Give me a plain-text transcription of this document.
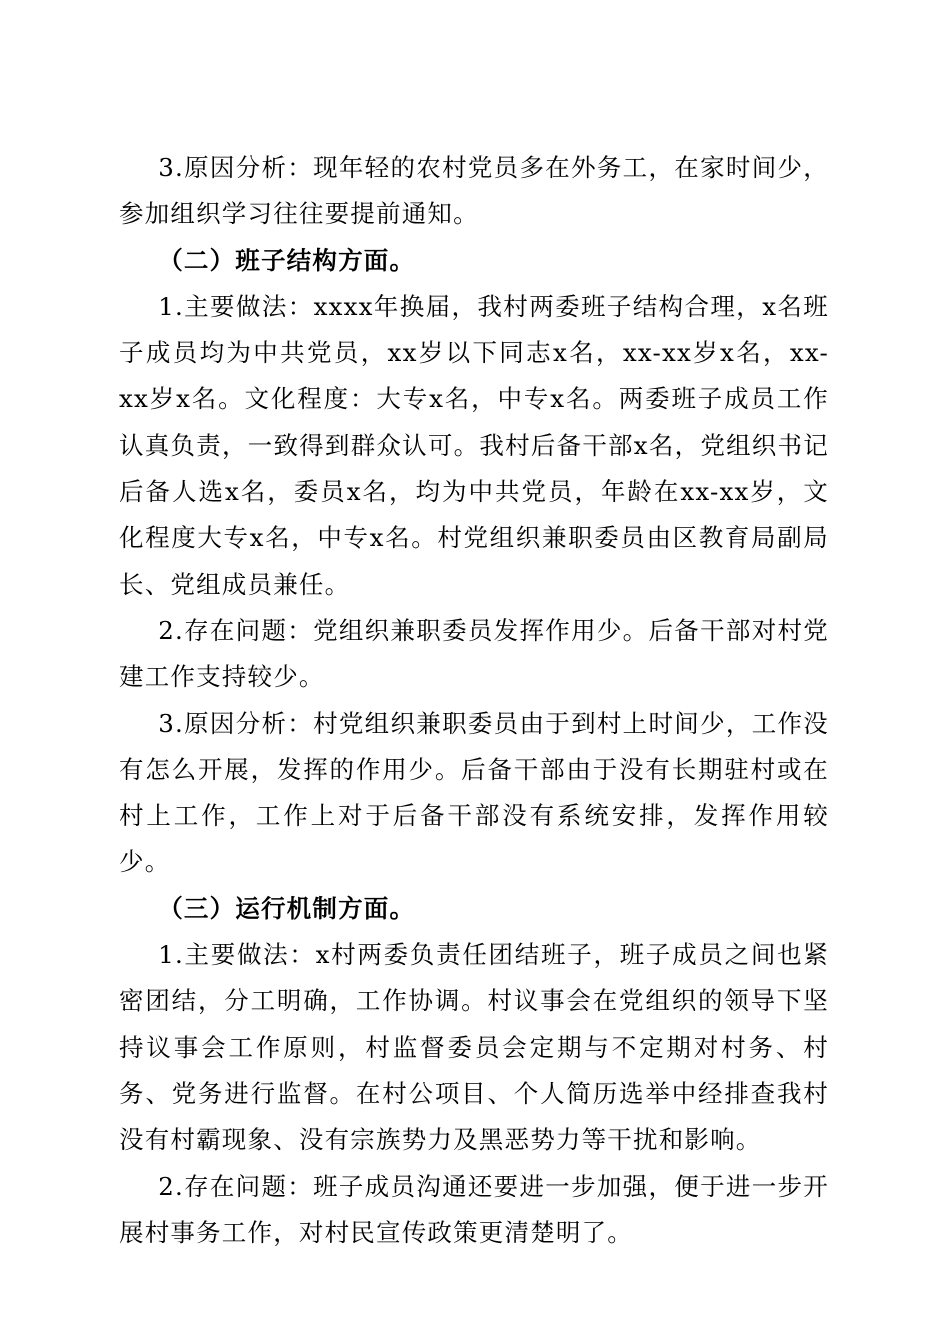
3.原因分析：现年轻的农村党员多在外务工，在家时间少，参加组织学习往往要提前通知。

（二）班子结构方面。

1.主要做法：xxxx年换届，我村两委班子结构合理，x名班子成员均为中共党员，xx岁以下同志x名，xx-xx岁x名，xx-xx岁x名。文化程度：大专x名，中专x名。两委班子成员工作认真负责，一致得到群众认可。我村后备干部x名，党组织书记后备人选x名，委员x名，均为中共党员，年龄在xx-xx岁，文化程度大专x名，中专x名。村党组织兼职委员由区教育局副局长、党组成员兼任。

2.存在问题：党组织兼职委员发挥作用少。后备干部对村党建工作支持较少。

3.原因分析：村党组织兼职委员由于到村上时间少，工作没有怎么开展，发挥的作用少。后备干部由于没有长期驻村或在村上工作，工作上对于后备干部没有系统安排，发挥作用较少。

（三）运行机制方面。

1.主要做法：x村两委负责任团结班子，班子成员之间也紧密团结，分工明确，工作协调。村议事会在党组织的领导下坚持议事会工作原则，村监督委员会定期与不定期对村务、村务、党务进行监督。在村公项目、个人简历选举中经排查我村没有村霸现象、没有宗族势力及黑恶势力等干扰和影响。

2.存在问题：班子成员沟通还要进一步加强，便于进一步开展村事务工作，对村民宣传政策更清楚明了。
